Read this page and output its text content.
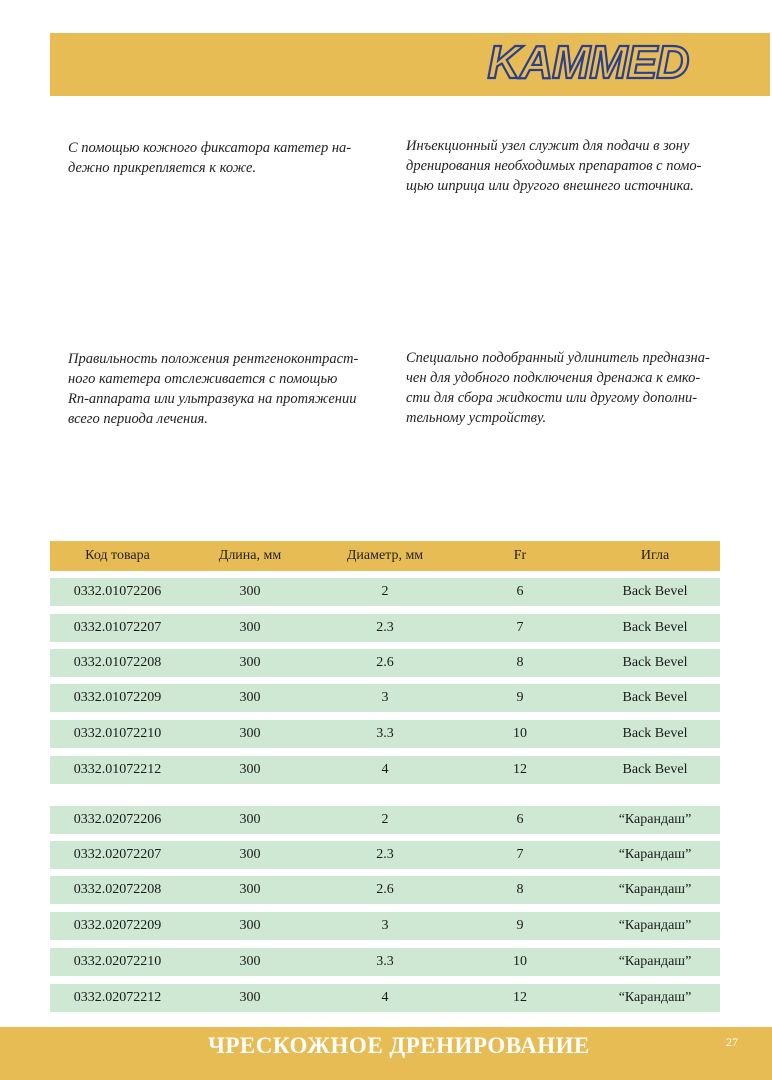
KAMMED

С помощью кожного фиксатора катетер на-
дежно прикрепляется к коже.

Инъекционный узел служит для подачи в зону
дренирования необходимых препаратов с помо-
щью шприца или другого внешнего источника.

Правильность положения рентгеноконтраст-
ного катетера отслеживается с помощью
Rn-аппарата или ультразвука на протяжении
всего периода лечения.

Специально подобранный удлинитель предназна-
чен для удобного подключения дренажа к емко-
сти для сбора жидкости или другому дополни-
тельному устройству.

Код товара	Длина, мм	Диаметр, мм	Fr	Игла
0332.01072206	300	2	6	Back Bevel
0332.01072207	300	2.3	7	Back Bevel
0332.01072208	300	2.6	8	Back Bevel
0332.01072209	300	3	9	Back Bevel
0332.01072210	300	3.3	10	Back Bevel
0332.01072212	300	4	12	Back Bevel
0332.02072206	300	2	6	“Карандаш”
0332.02072207	300	2.3	7	“Карандаш”
0332.02072208	300	2.6	8	“Карандаш”
0332.02072209	300	3	9	“Карандаш”
0332.02072210	300	3.3	10	“Карандаш”
0332.02072212	300	4	12	“Карандаш”
ЧРЕСКОЖНОЕ ДРЕНИРОВАНИЕ	27
